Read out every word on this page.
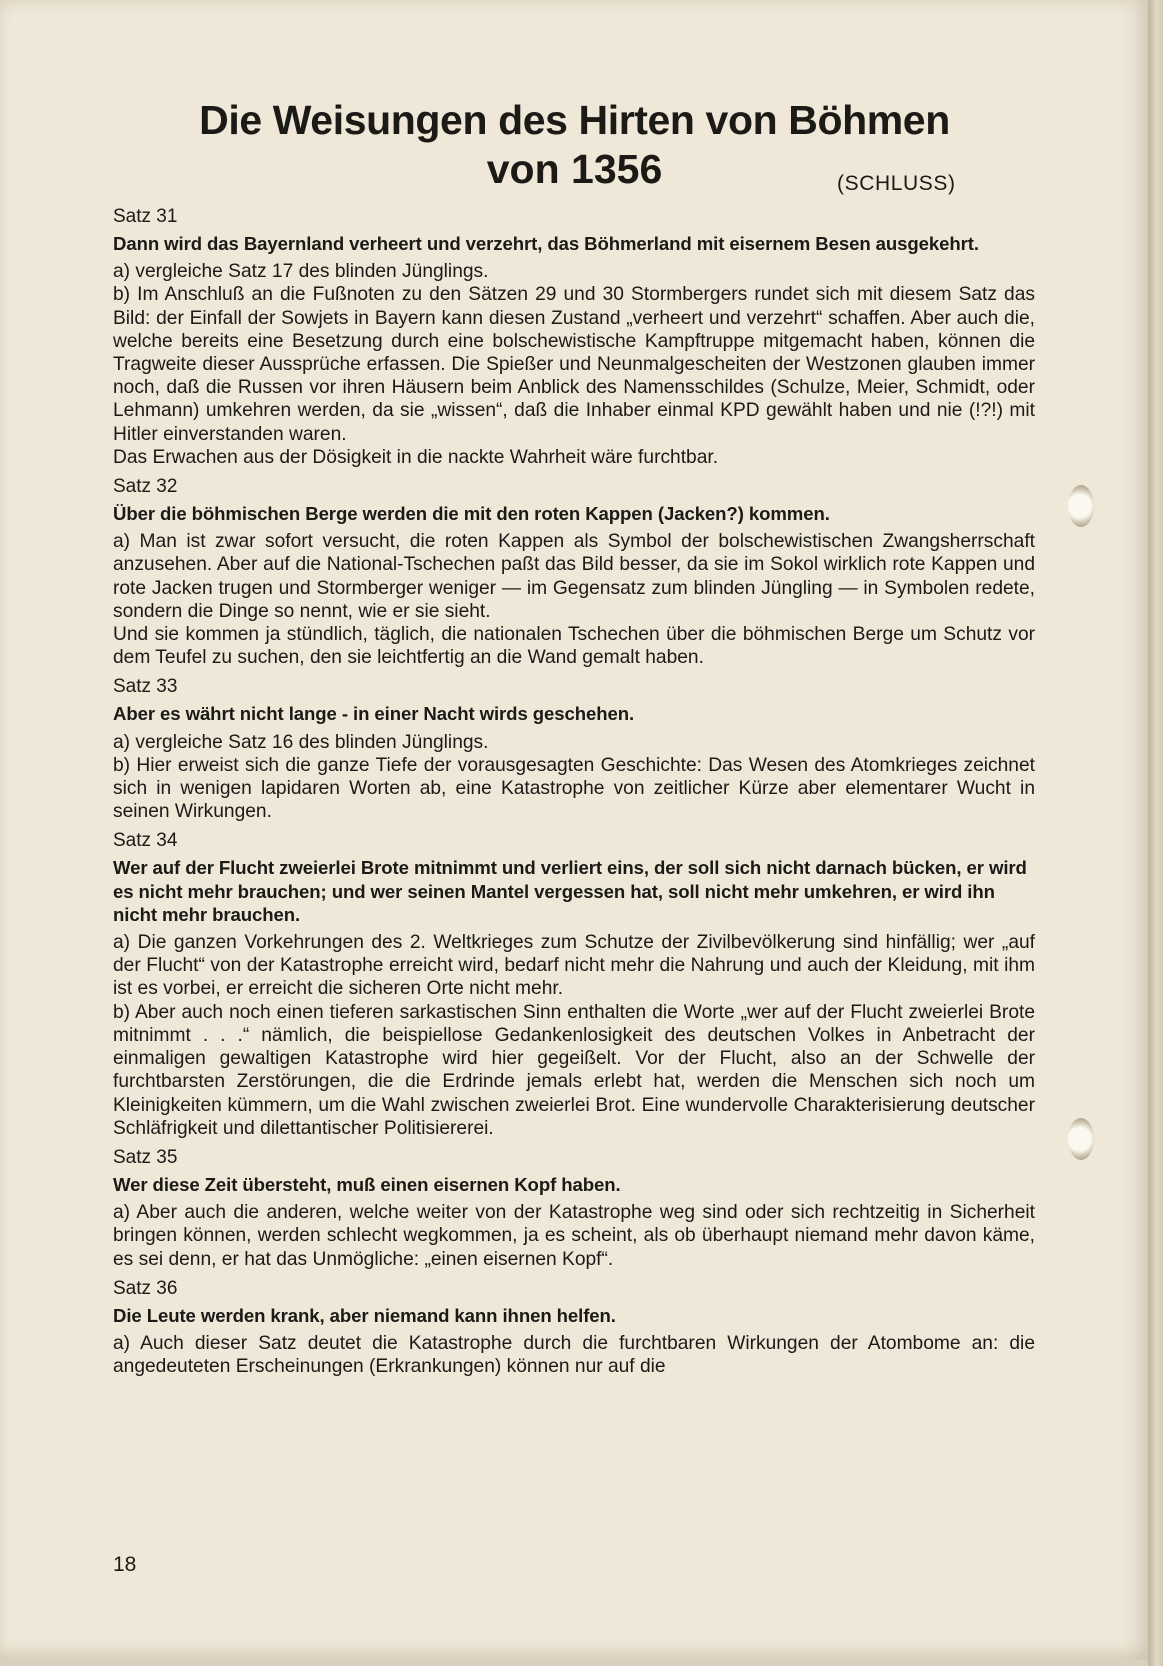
Die Weisungen des Hirten von Böhmen

von 1356	(SCHLUSS)

Satz 31

Dann wird das Bayernland verheert und verzehrt, das Böhmerland mit eisernem Besen ausgekehrt.

a) vergleiche Satz 17 des blinden Jünglings.

b) Im Anschluß an die Fußnoten zu den Sätzen 29 und 30 Stormbergers rundet sich mit diesem Satz das Bild: der Einfall der Sowjets in Bayern kann diesen Zustand „verheert und verzehrt“ schaffen. Aber auch die, welche bereits eine Besetzung durch eine bolschewistische Kampftruppe mitgemacht haben, können die Tragweite dieser Aussprüche erfassen. Die Spießer und Neunmalgescheiten der Westzonen glauben immer noch, daß die Russen vor ihren Häusern beim Anblick des Namensschildes (Schulze, Meier, Schmidt, oder Lehmann) umkehren werden, da sie „wissen“, daß die Inhaber einmal KPD gewählt haben und nie (!?!) mit Hitler einverstanden waren.

Das Erwachen aus der Dösigkeit in die nackte Wahrheit wäre furchtbar.

Satz 32

Über die böhmischen Berge werden die mit den roten Kappen (Jacken?) kommen.

a) Man ist zwar sofort versucht, die roten Kappen als Symbol der bolschewistischen Zwangsherrschaft anzusehen. Aber auf die National-Tschechen paßt das Bild besser, da sie im Sokol wirklich rote Kappen und rote Jacken trugen und Stormberger weniger — im Gegensatz zum blinden Jüngling — in Symbolen redete, sondern die Dinge so nennt, wie er sie sieht.

Und sie kommen ja stündlich, täglich, die nationalen Tschechen über die böhmischen Berge um Schutz vor dem Teufel zu suchen, den sie leichtfertig an die Wand gemalt haben.

Satz 33

Aber es währt nicht lange - in einer Nacht wirds geschehen.

a) vergleiche Satz 16 des blinden Jünglings.

b) Hier erweist sich die ganze Tiefe der vorausgesagten Geschichte: Das Wesen des Atomkrieges zeichnet sich in wenigen lapidaren Worten ab, eine Katastrophe von zeitlicher Kürze aber elementarer Wucht in seinen Wirkungen.

Satz 34

Wer auf der Flucht zweierlei Brote mitnimmt und verliert eins, der soll sich nicht darnach bücken, er wird es nicht mehr brauchen; und wer seinen Mantel vergessen hat, soll nicht mehr umkehren, er wird ihn nicht mehr brauchen.

a) Die ganzen Vorkehrungen des 2. Weltkrieges zum Schutze der Zivilbevölkerung sind hinfällig; wer „auf der Flucht“ von der Katastrophe erreicht wird, bedarf nicht mehr die Nahrung und auch der Kleidung, mit ihm ist es vorbei, er erreicht die sicheren Orte nicht mehr.

b) Aber auch noch einen tieferen sarkastischen Sinn enthalten die Worte „wer auf der Flucht zweierlei Brote mitnimmt . . .“ nämlich, die beispiellose Gedankenlosigkeit des deutschen Volkes in Anbetracht der einmaligen gewaltigen Katastrophe wird hier gegeißelt. Vor der Flucht, also an der Schwelle der furchtbarsten Zerstörungen, die die Erdrinde jemals erlebt hat, werden die Menschen sich noch um Kleinigkeiten kümmern, um die Wahl zwischen zweierlei Brot. Eine wundervolle Charakterisierung deutscher Schläfrigkeit und dilettantischer Politisiererei.

Satz 35

Wer diese Zeit übersteht, muß einen eisernen Kopf haben.

a) Aber auch die anderen, welche weiter von der Katastrophe weg sind oder sich rechtzeitig in Sicherheit bringen können, werden schlecht wegkommen, ja es scheint, als ob überhaupt niemand mehr davon käme, es sei denn, er hat das Unmögliche: „einen eisernen Kopf“.

Satz 36

Die Leute werden krank, aber niemand kann ihnen helfen.

a) Auch dieser Satz deutet die Katastrophe durch die furchtbaren Wirkungen der Atombome an: die angedeuteten Erscheinungen (Erkrankungen) können nur auf die

18
